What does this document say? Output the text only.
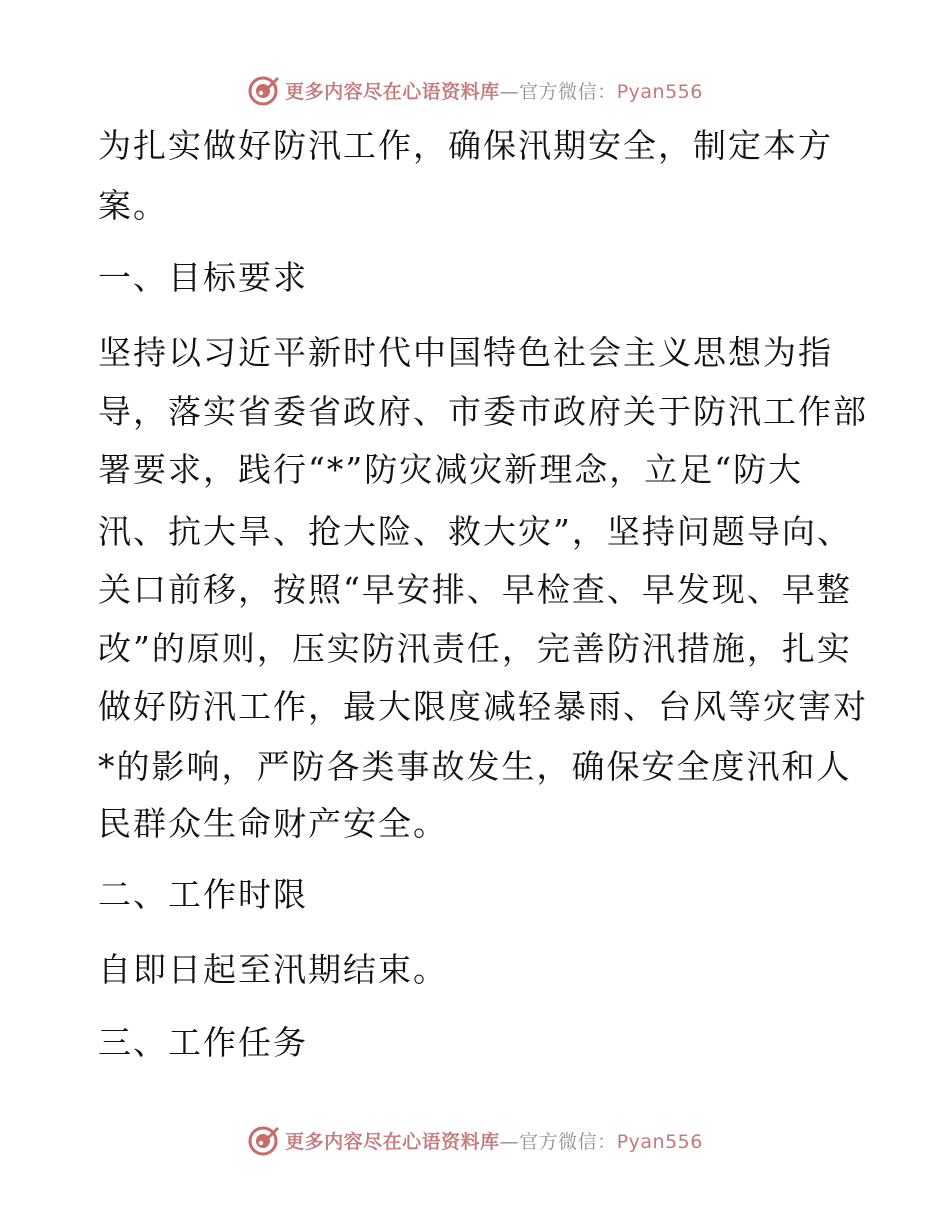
更多内容尽在心语资料库—官方微信：Pyan556
为扎实做好防汛工作，确保汛期安全，制定本方
案。
一、目标要求
坚持以习近平新时代中国特色社会主义思想为指
导，落实省委省政府、市委市政府关于防汛工作部
署要求，践行“*”防灾减灾新理念，立足“防大
汛、抗大旱、抢大险、救大灾”，坚持问题导向、
关口前移，按照“早安排、早检查、早发现、早整
改”的原则，压实防汛责任，完善防汛措施，扎实
做好防汛工作，最大限度减轻暴雨、台风等灾害对
*的影响，严防各类事故发生，确保安全度汛和人
民群众生命财产安全。
二、工作时限
自即日起至汛期结束。
三、工作任务
更多内容尽在心语资料库—官方微信：Pyan556
